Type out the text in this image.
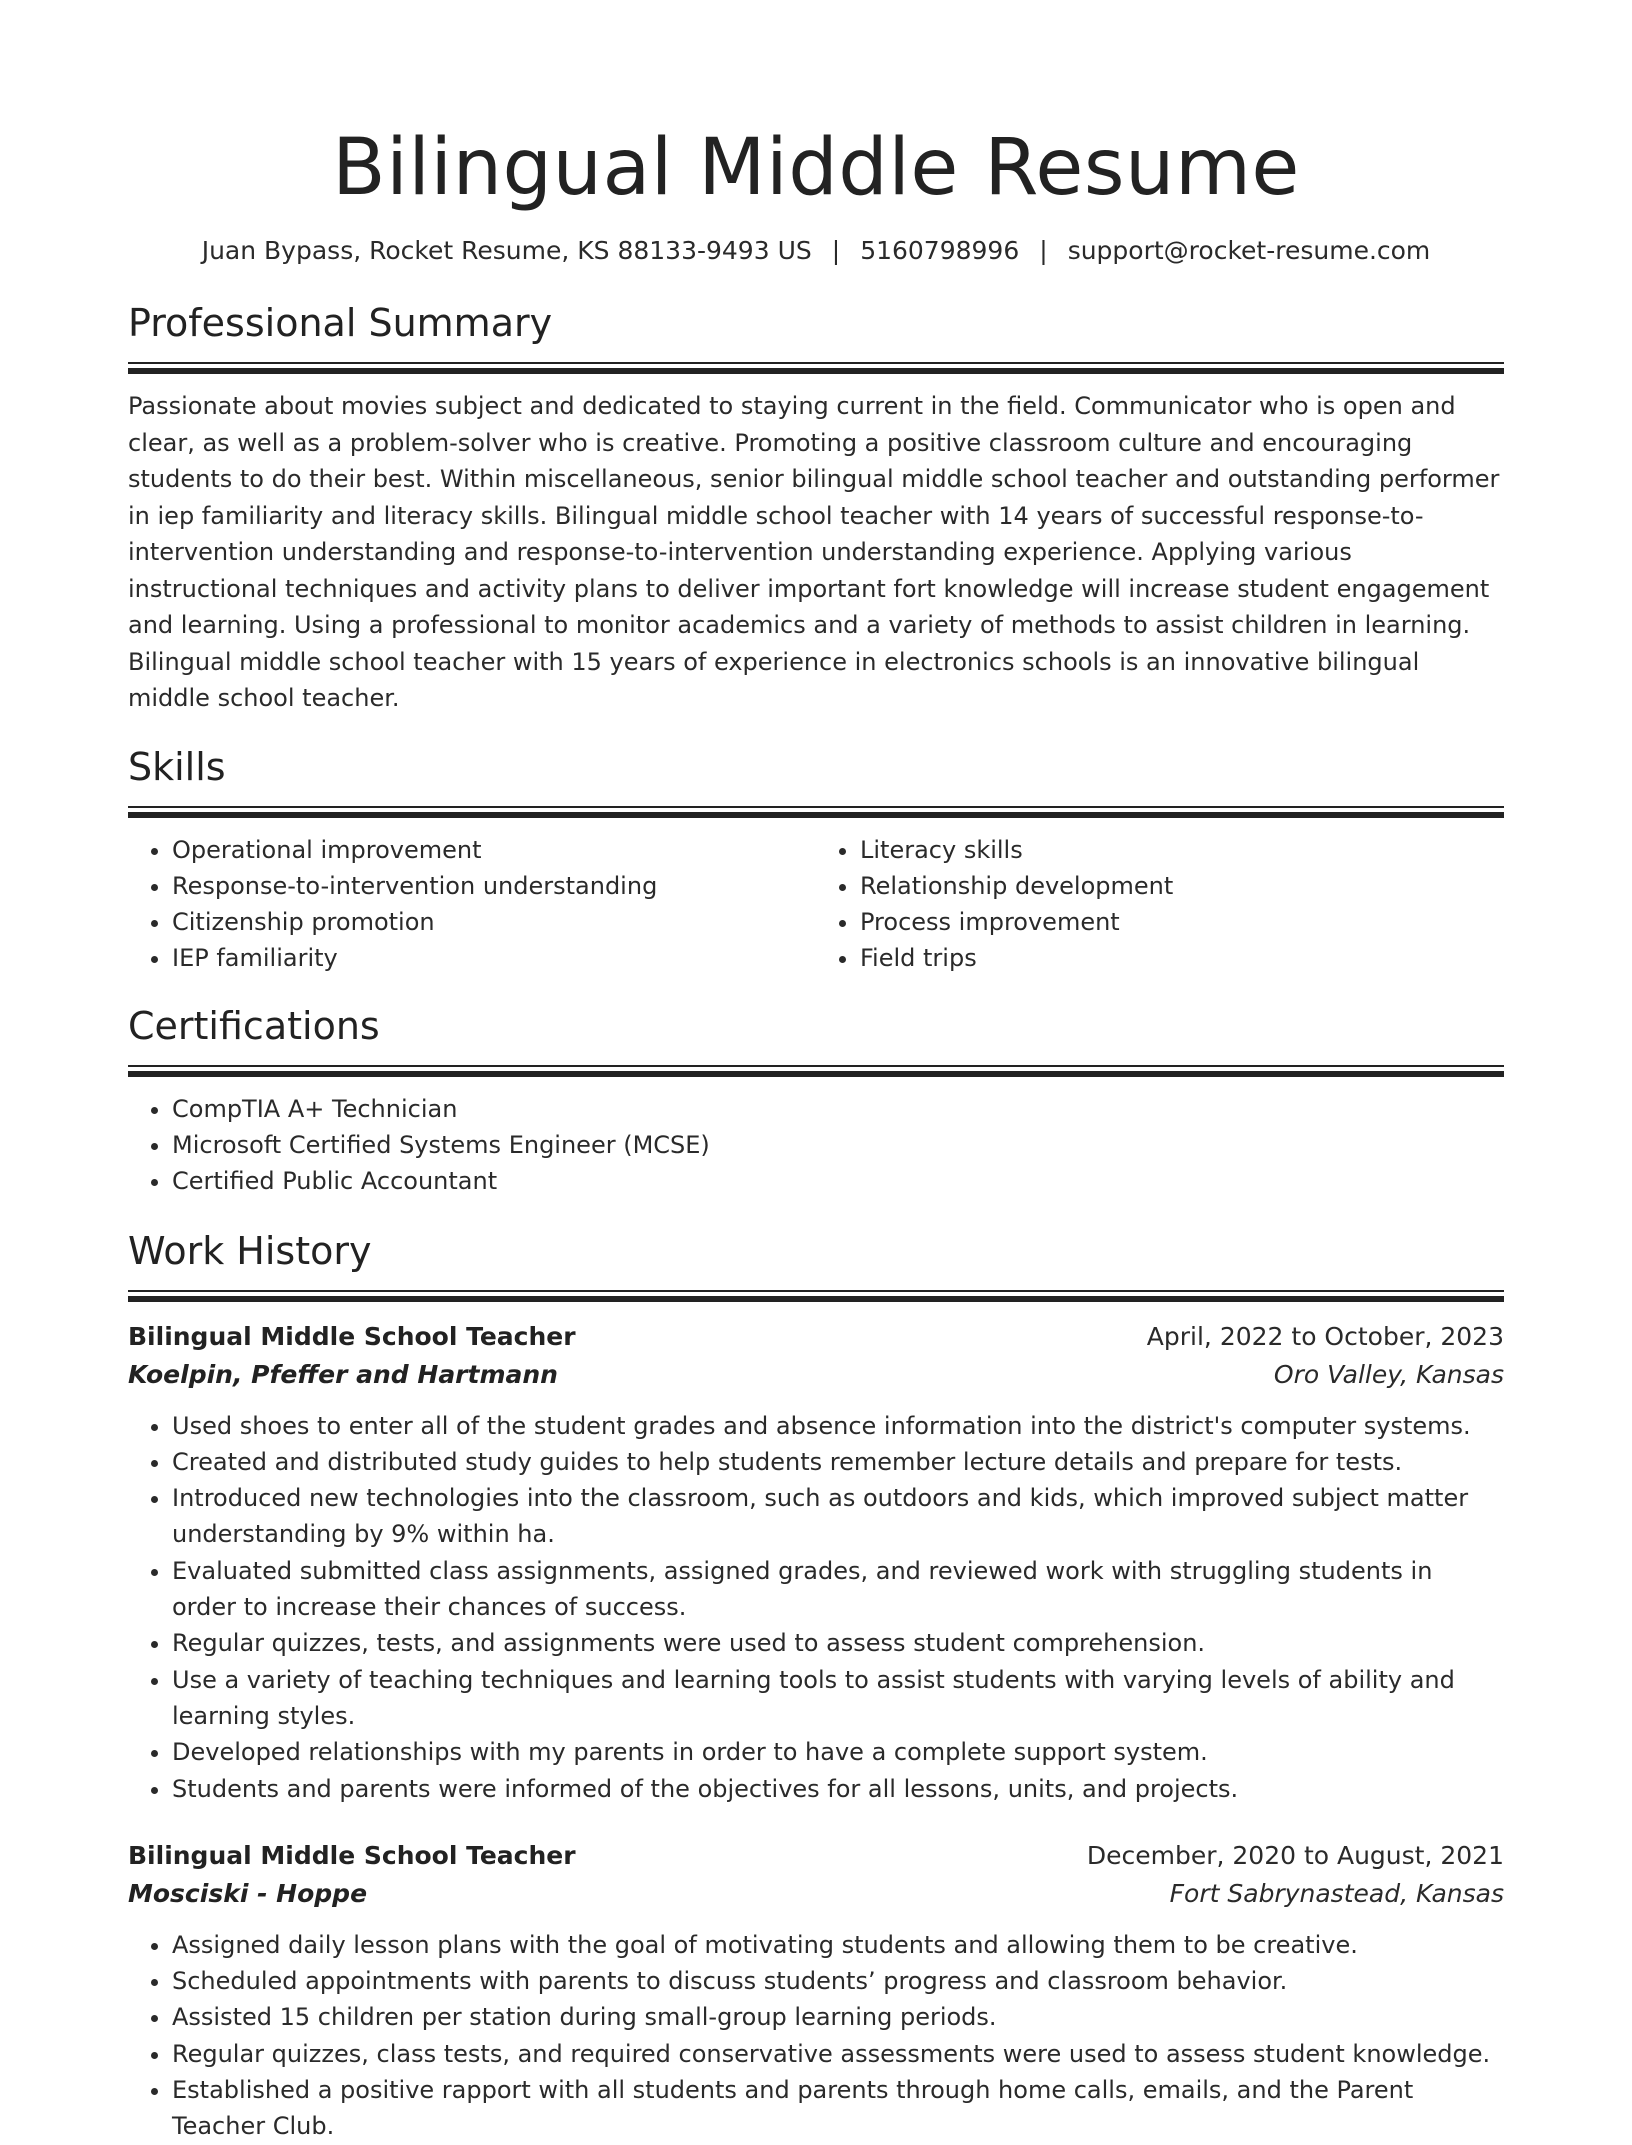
Bilingual Middle Resume
Juan Bypass, Rocket Resume, KS 88133-9493 US | 5160798996 | support@rocket-resume.com
Professional Summary
Passionate about movies subject and dedicated to staying current in the field. Communicator who is open and clear, as well as a problem-solver who is creative. Promoting a positive classroom culture and encouraging students to do their best. Within miscellaneous, senior bilingual middle school teacher and outstanding performer in iep familiarity and literacy skills. Bilingual middle school teacher with 14 years of successful response-to-intervention understanding and response-to-intervention understanding experience. Applying various instructional techniques and activity plans to deliver important fort knowledge will increase student engagement and learning. Using a professional to monitor academics and a variety of methods to assist children in learning. Bilingual middle school teacher with 15 years of experience in electronics schools is an innovative bilingual middle school teacher.
Skills
• Operational improvement
• Response-to-intervention understanding
• Citizenship promotion
• IEP familiarity
• Literacy skills
• Relationship development
• Process improvement
• Field trips
Certifications
• CompTIA A+ Technician
• Microsoft Certified Systems Engineer (MCSE)
• Certified Public Accountant
Work History
Bilingual Middle School Teacher	April, 2022 to October, 2023
Koelpin, Pfeffer and Hartmann	Oro Valley, Kansas
• Used shoes to enter all of the student grades and absence information into the district's computer systems.
• Created and distributed study guides to help students remember lecture details and prepare for tests.
• Introduced new technologies into the classroom, such as outdoors and kids, which improved subject matter understanding by 9% within ha.
• Evaluated submitted class assignments, assigned grades, and reviewed work with struggling students in order to increase their chances of success.
• Regular quizzes, tests, and assignments were used to assess student comprehension.
• Use a variety of teaching techniques and learning tools to assist students with varying levels of ability and learning styles.
• Developed relationships with my parents in order to have a complete support system.
• Students and parents were informed of the objectives for all lessons, units, and projects.
Bilingual Middle School Teacher	December, 2020 to August, 2021
Mosciski - Hoppe	Fort Sabrynastead, Kansas
• Assigned daily lesson plans with the goal of motivating students and allowing them to be creative.
• Scheduled appointments with parents to discuss students’ progress and classroom behavior.
• Assisted 15 children per station during small-group learning periods.
• Regular quizzes, class tests, and required conservative assessments were used to assess student knowledge.
• Established a positive rapport with all students and parents through home calls, emails, and the Parent Teacher Club.
